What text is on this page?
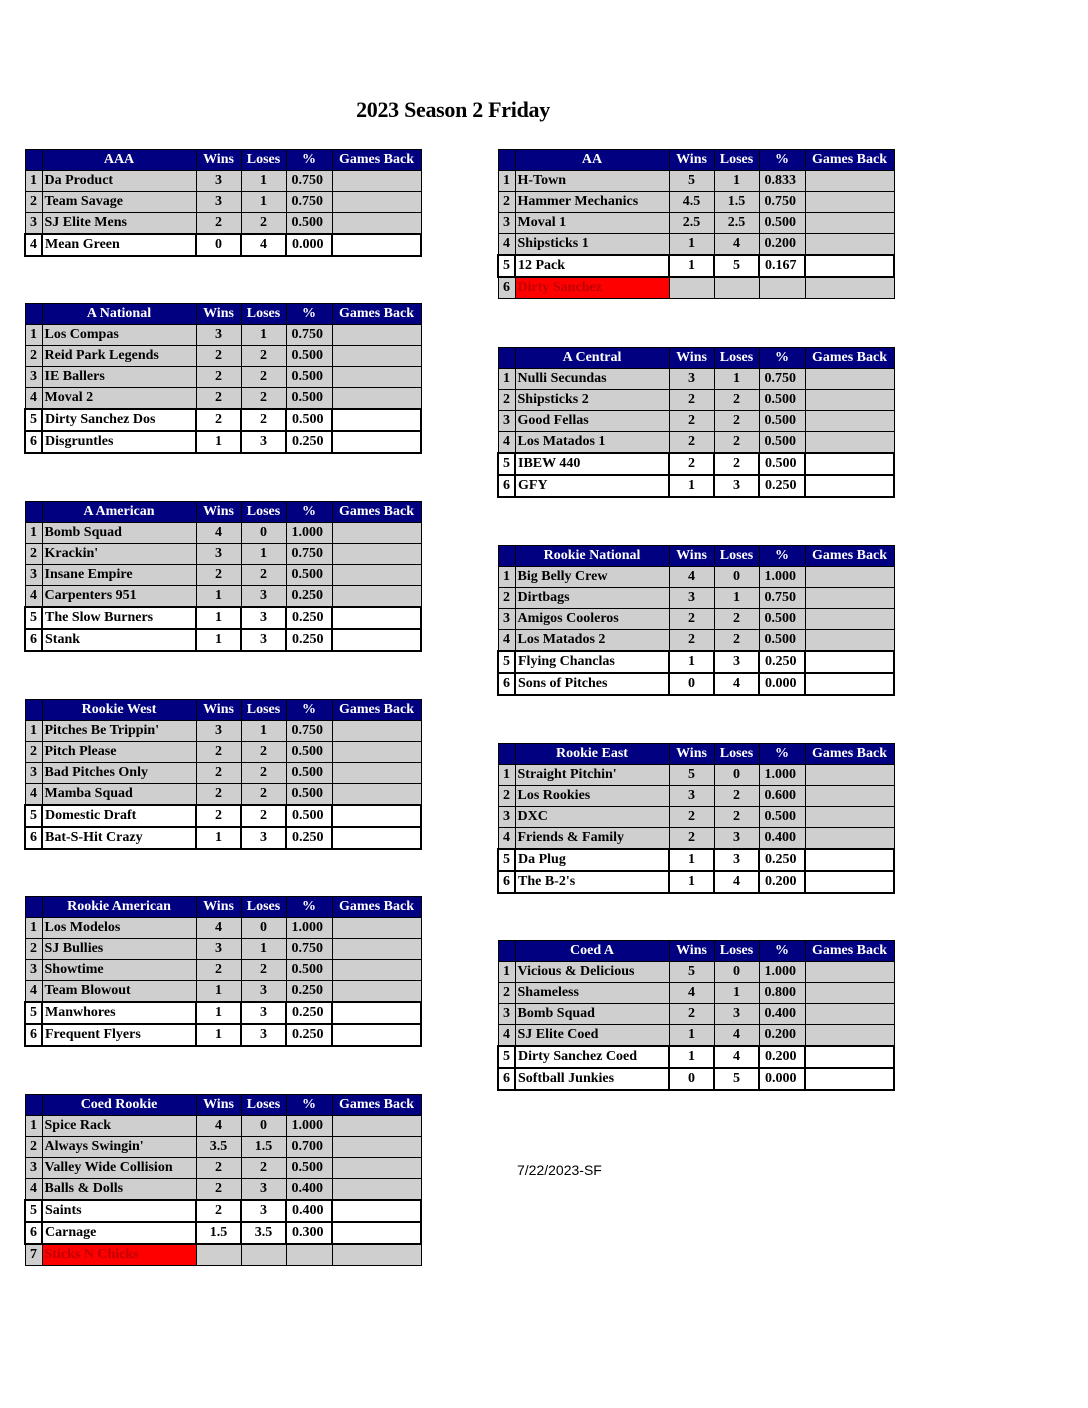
2023 Season 2 Friday
	AAA	Wins	Loses	%	Games Back
1	Da Product	3	1	0.750	
2	Team Savage	3	1	0.750	
3	SJ Elite Mens	2	2	0.500	
4	Mean Green	0	4	0.000	
	A National	Wins	Loses	%	Games Back
1	Los Compas	3	1	0.750	
2	Reid Park Legends	2	2	0.500	
3	IE Ballers	2	2	0.500	
4	Moval 2	2	2	0.500	
5	Dirty Sanchez Dos	2	2	0.500	
6	Disgruntles	1	3	0.250	
	A American	Wins	Loses	%	Games Back
1	Bomb Squad	4	0	1.000	
2	Krackin'	3	1	0.750	
3	Insane Empire	2	2	0.500	
4	Carpenters 951	1	3	0.250	
5	The Slow Burners	1	3	0.250	
6	Stank	1	3	0.250	
	Rookie West	Wins	Loses	%	Games Back
1	Pitches Be Trippin'	3	1	0.750	
2	Pitch Please	2	2	0.500	
3	Bad Pitches Only	2	2	0.500	
4	Mamba Squad	2	2	0.500	
5	Domestic Draft	2	2	0.500	
6	Bat-S-Hit Crazy	1	3	0.250	
	Rookie American	Wins	Loses	%	Games Back
1	Los Modelos	4	0	1.000	
2	SJ Bullies	3	1	0.750	
3	Showtime	2	2	0.500	
4	Team Blowout	1	3	0.250	
5	Manwhores	1	3	0.250	
6	Frequent Flyers	1	3	0.250	
	Coed Rookie	Wins	Loses	%	Games Back
1	Spice Rack	4	0	1.000	
2	Always Swingin'	3.5	1.5	0.700	
3	Valley Wide Collision	2	2	0.500	
4	Balls & Dolls	2	3	0.400	
5	Saints	2	3	0.400	
6	Carnage	1.5	3.5	0.300	
7	Sticks N Chicks				
	AA	Wins	Loses	%	Games Back
1	H-Town	5	1	0.833	
2	Hammer Mechanics	4.5	1.5	0.750	
3	Moval 1	2.5	2.5	0.500	
4	Shipsticks 1	1	4	0.200	
5	12 Pack	1	5	0.167	
6	Dirty Sanchez				
	A Central	Wins	Loses	%	Games Back
1	Nulli Secundas	3	1	0.750	
2	Shipsticks 2	2	2	0.500	
3	Good Fellas	2	2	0.500	
4	Los Matados 1	2	2	0.500	
5	IBEW 440	2	2	0.500	
6	GFY	1	3	0.250	
	Rookie National	Wins	Loses	%	Games Back
1	Big Belly Crew	4	0	1.000	
2	Dirtbags	3	1	0.750	
3	Amigos Cooleros	2	2	0.500	
4	Los Matados 2	2	2	0.500	
5	Flying Chanclas	1	3	0.250	
6	Sons of Pitches	0	4	0.000	
	Rookie East	Wins	Loses	%	Games Back
1	Straight Pitchin'	5	0	1.000	
2	Los Rookies	3	2	0.600	
3	DXC	2	2	0.500	
4	Friends & Family	2	3	0.400	
5	Da Plug	1	3	0.250	
6	The B-2's	1	4	0.200	
	Coed A	Wins	Loses	%	Games Back
1	Vicious & Delicious	5	0	1.000	
2	Shameless	4	1	0.800	
3	Bomb Squad	2	3	0.400	
4	SJ Elite Coed	1	4	0.200	
5	Dirty Sanchez Coed	1	4	0.200	
6	Softball Junkies	0	5	0.000	
7/22/2023-SF
